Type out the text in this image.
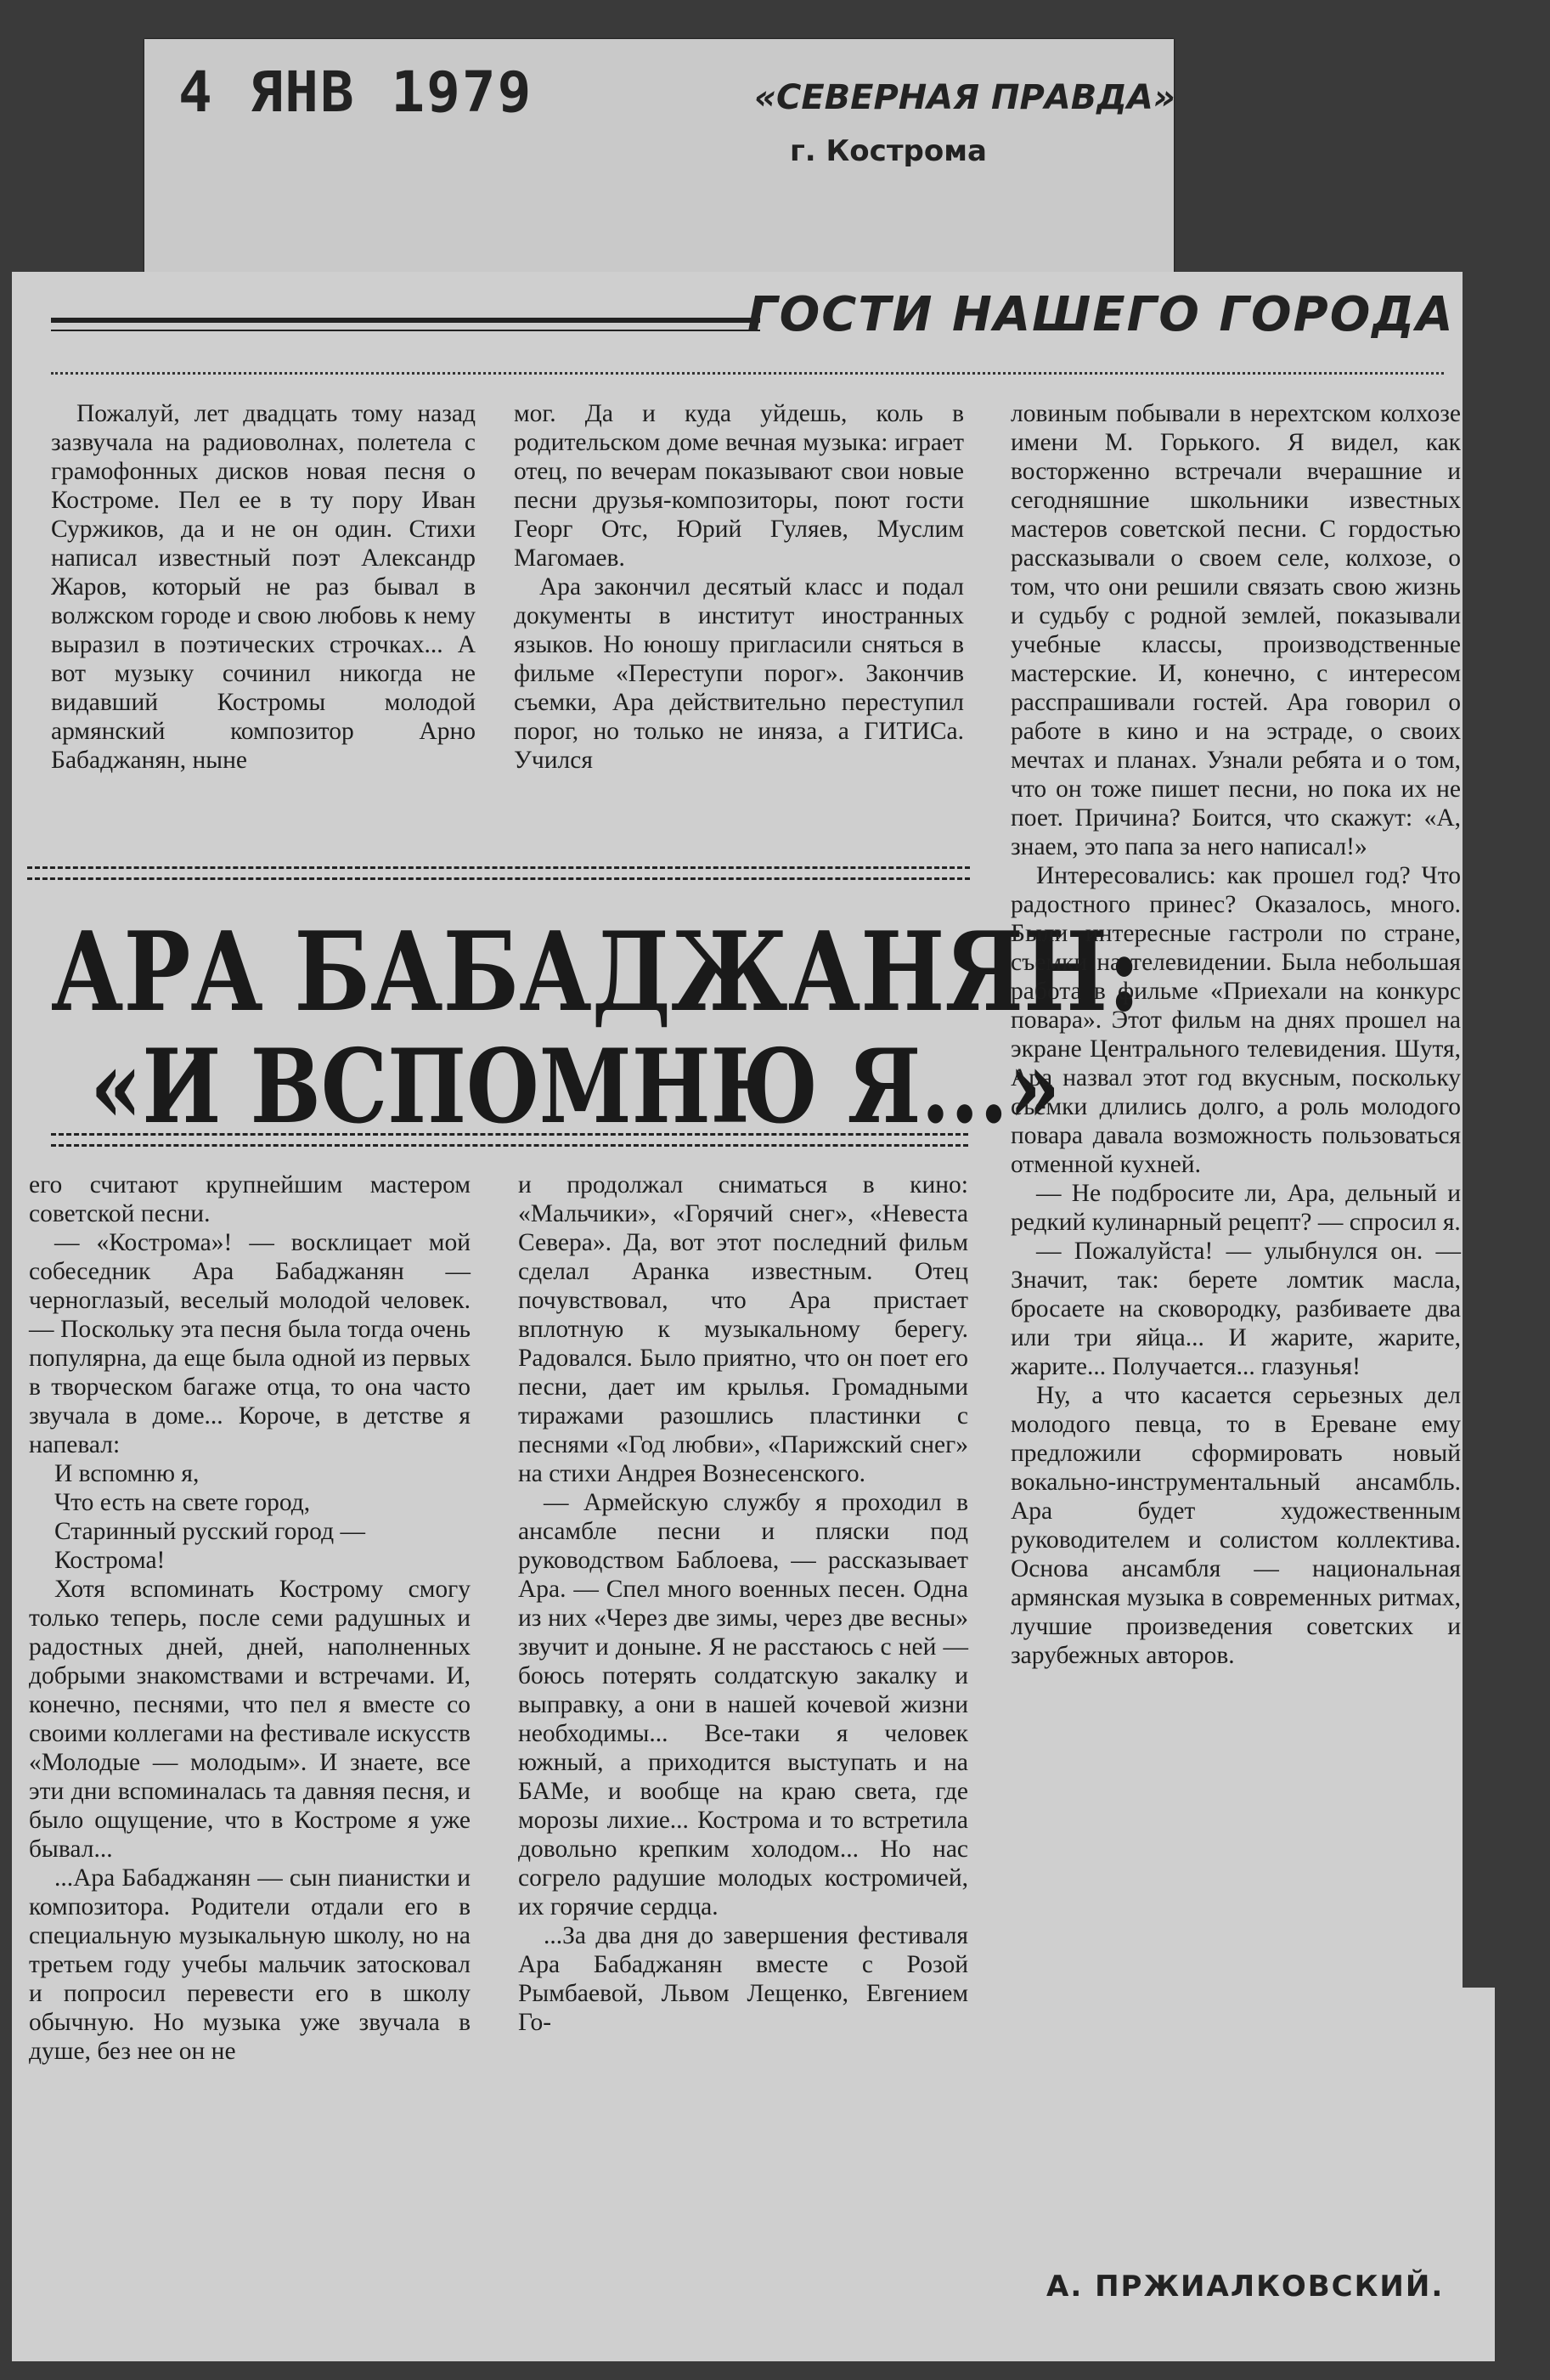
4 ЯНВ 1979	«СЕВЕРНАЯ ПРАВДА»
г. Кострома
ГОСТИ НАШЕГО ГОРОДА

Пожалуй, лет двадцать тому назад зазвучала на радиоволнах, полетела с грамофонных дисков новая песня о Костроме. Пел ее в ту пору Иван Суржиков, да и не он один. Стихи написал известный поэт Александр Жаров, который не раз бывал в волжском городе и свою любовь к нему выразил в поэтических строчках... А вот музыку сочинил никогда не видавший Костромы молодой армянский композитор Арно Бабаджанян, ныне

мог. Да и куда уйдешь, коль в родительском доме вечная музыка: играет отец, по вечерам показывают свои новые песни друзья-композиторы, поют гости Георг Отс, Юрий Гуляев, Муслим Магомаев.

Ара закончил десятый класс и подал документы в институт иностранных языков. Но юношу пригласили сняться в фильме «Переступи порог». Закончив съемки, Ара действительно переступил порог, но только не иняза, а ГИТИСа. Учился

АРА БАБАДЖАНЯН:
«И ВСПОМНЮ Я...»

его считают крупнейшим мастером советской песни.

— «Кострома»! — восклицает мой собеседник Ара Бабаджанян — черноглазый, веселый молодой человек. — Поскольку эта песня была тогда очень популярна, да еще была одной из первых в творческом багаже отца, то она часто звучала в доме... Короче, в детстве я напевал:

И вспомню я,
Что есть на свете город,
Старинный русский город —
Кострома!

Хотя вспоминать Кострому смогу только теперь, после семи радушных и радостных дней, дней, наполненных добрыми знакомствами и встречами. И, конечно, песнями, что пел я вместе со своими коллегами на фестивале искусств «Молодые — молодым». И знаете, все эти дни вспоминалась та давняя песня, и было ощущение, что в Костроме я уже бывал...

...Ара Бабаджанян — сын пианистки и композитора. Родители отдали его в специальную музыкальную школу, но на третьем году учебы мальчик затосковал и попросил перевести его в школу обычную. Но музыка уже звучала в душе, без нее он не

и продолжал сниматься в кино: «Мальчики», «Горячий снег», «Невеста Севера». Да, вот этот последний фильм сделал Аранка известным. Отец почувствовал, что Ара пристает вплотную к музыкальному берегу. Радовался. Было приятно, что он поет его песни, дает им крылья. Громадными тиражами разошлись пластинки с песнями «Год любви», «Парижский снег» на стихи Андрея Вознесенского.

— Армейскую службу я проходил в ансамбле песни и пляски под руководством Баблоева, — рассказывает Ара. — Спел много военных песен. Одна из них «Через две зимы, через две весны» звучит и доныне. Я не расстаюсь с ней — боюсь потерять солдатскую закалку и выправку, а они в нашей кочевой жизни необходимы... Все-таки я человек южный, а приходится выступать и на БАМе, и вообще на краю света, где морозы лихие... Кострома и то встретила довольно крепким холодом... Но нас согрело радушие молодых костромичей, их горячие сердца.

...За два дня до завершения фестиваля Ара Бабаджанян вместе с Розой Рымбаевой, Львом Лещенко, Евгением Го-

ловиным побывали в нерехтском колхозе имени М. Горького. Я видел, как восторженно встречали вчерашние и сегодняшние школьники известных мастеров советской песни. С гордостью рассказывали о своем селе, колхозе, о том, что они решили связать свою жизнь и судьбу с родной землей, показывали учебные классы, производственные мастерские. И, конечно, с интересом расспрашивали гостей. Ара говорил о работе в кино и на эстраде, о своих мечтах и планах. Узнали ребята и о том, что он тоже пишет песни, но пока их не поет. Причина? Боится, что скажут: «А, знаем, это папа за него написал!»

Интересовались: как прошел год? Что радостного принес? Оказалось, много. Были интересные гастроли по стране, съемки на телевидении. Была небольшая работа в фильме «Приехали на конкурс повара». Этот фильм на днях прошел на экране Центрального телевидения. Шутя, Ара назвал этот год вкусным, поскольку съемки длились долго, а роль молодого повара давала возможность пользоваться отменной кухней.

— Не подбросите ли, Ара, дельный и редкий кулинарный рецепт? — спросил я.

— Пожалуйста! — улыбнулся он. — Значит, так: берете ломтик масла, бросаете на сковородку, разбиваете два или три яйца... И жарите, жарите, жарите... Получается... глазунья!

Ну, а что касается серьезных дел молодого певца, то в Ереване ему предложили сформировать новый вокально-инструментальный ансамбль. Ара будет художественным руководителем и солистом коллектива. Основа ансамбля — национальная армянская музыка в современных ритмах, лучшие произведения советских и зарубежных авторов.

А. ПРЖИАЛКОВСКИЙ.
